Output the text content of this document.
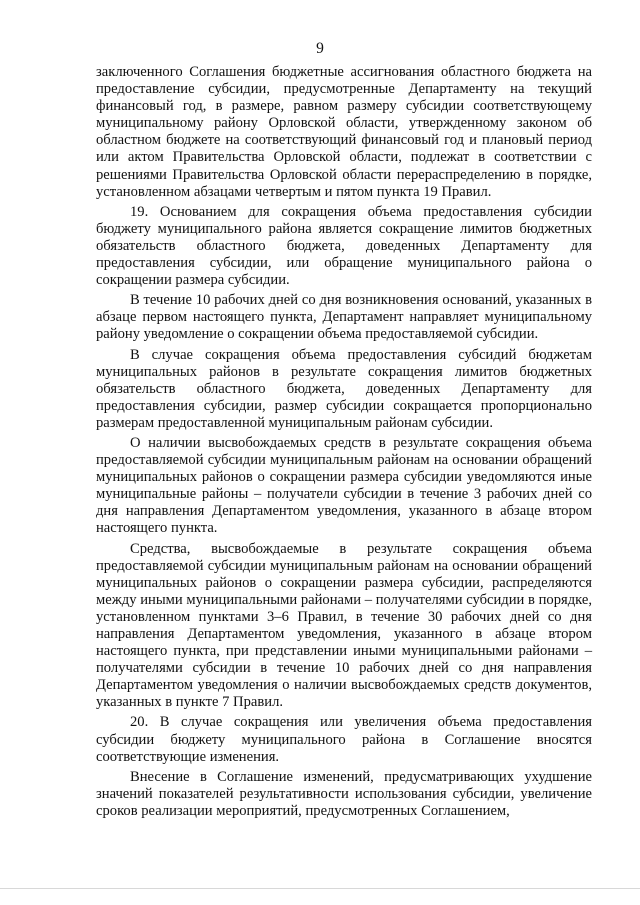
9

заключенного Соглашения бюджетные ассигнования областного бюджета на предоставление субсидии, предусмотренные Департаменту на текущий финансовый год, в размере, равном размеру субсидии соответствующему муниципальному району Орловской области, утвержденному законом об областном бюджете на соответствующий финансовый год и плановый период или актом Правительства Орловской области, подлежат в соответствии с решениями Правительства Орловской области перераспределению в порядке, установленном абзацами четвертым и пятом пункта 19 Правил.

19. Основанием для сокращения объема предоставления субсидии бюджету муниципального района является сокращение лимитов бюджетных обязательств областного бюджета, доведенных Департаменту для предоставления субсидии, или обращение муниципального района о сокращении размера субсидии.

В течение 10 рабочих дней со дня возникновения оснований, указанных в абзаце первом настоящего пункта, Департамент направляет муниципальному району уведомление о сокращении объема предоставляемой субсидии.

В случае сокращения объема предоставления субсидий бюджетам муниципальных районов в результате сокращения лимитов бюджетных обязательств областного бюджета, доведенных Департаменту для предоставления субсидии, размер субсидии сокращается пропорционально размерам предоставленной муниципальным районам субсидии.

О наличии высвобождаемых средств в результате сокращения объема предоставляемой субсидии муниципальным районам на основании обращений муниципальных районов о сокращении размера субсидии уведомляются иные муниципальные районы – получатели субсидии в течение 3 рабочих дней со дня направления Департаментом уведомления, указанного в абзаце втором настоящего пункта.

Средства, высвобождаемые в результате сокращения объема предоставляемой субсидии муниципальным районам на основании обращений муниципальных районов о сокращении размера субсидии, распределяются между иными муниципальными районами – получателями субсидии в порядке, установленном пунктами 3–6 Правил, в течение 30 рабочих дней со дня направления Департаментом уведомления, указанного в абзаце втором настоящего пункта, при представлении иными муниципальными районами – получателями субсидии в течение 10 рабочих дней со дня направления Департаментом уведомления о наличии высвобождаемых средств документов, указанных в пункте 7 Правил.

20. В случае сокращения или увеличения объема предоставления субсидии бюджету муниципального района в Соглашение вносятся соответствующие изменения.

Внесение в Соглашение изменений, предусматривающих ухудшение значений показателей результативности использования субсидии, увеличение сроков реализации мероприятий, предусмотренных Соглашением,
